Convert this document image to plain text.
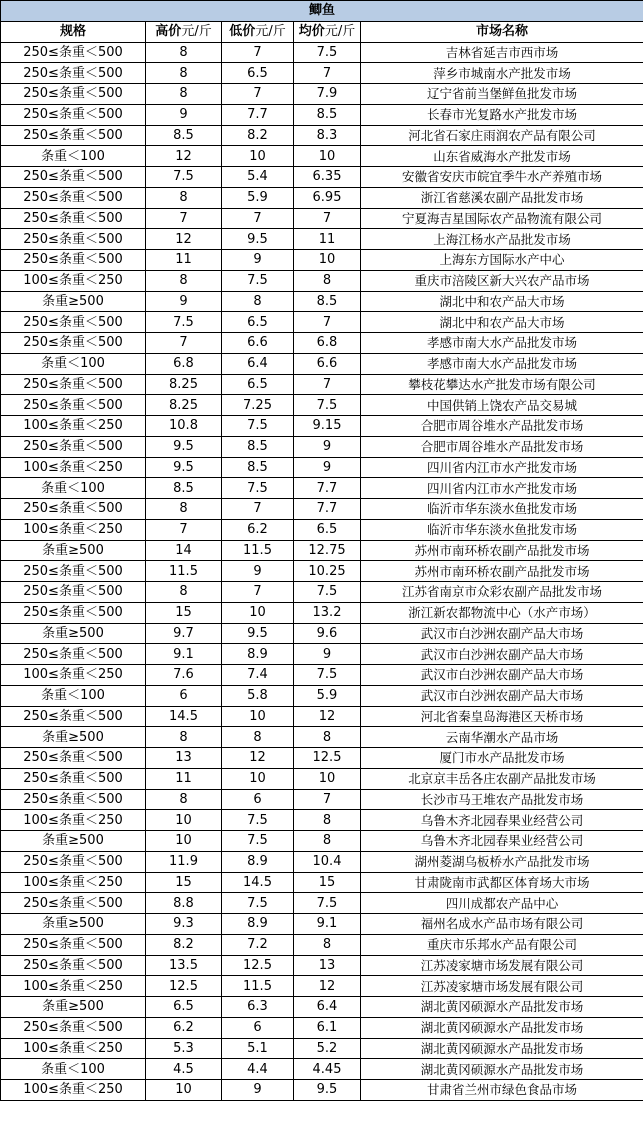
鲫鱼				
规格	高价元/斤	低价元/斤	均价元/斤	市场名称
250≤条重＜500	8	7	7.5	吉林省延吉市西市场
250≤条重＜500	8	6.5	7	萍乡市城南水产批发市场
250≤条重＜500	8	7	7.9	辽宁省前当堡鲜鱼批发市场
250≤条重＜500	9	7.7	8.5	长春市光复路水产批发市场
250≤条重＜500	8.5	8.2	8.3	河北省石家庄雨润农产品有限公司
条重＜100	12	10	10	山东省威海水产批发市场
250≤条重＜500	7.5	5.4	6.35	安徽省安庆市皖宜季牛水产养殖市场
250≤条重＜500	8	5.9	6.95	浙江省慈溪农副产品批发市场
250≤条重＜500	7	7	7	宁夏海吉星国际农产品物流有限公司
250≤条重＜500	12	9.5	11	上海江杨水产品批发市场
250≤条重＜500	11	9	10	上海东方国际水产中心
100≤条重＜250	8	7.5	8	重庆市涪陵区新大兴农产品市场
条重≥500	9	8	8.5	湖北中和农产品大市场
250≤条重＜500	7.5	6.5	7	湖北中和农产品大市场
250≤条重＜500	7	6.6	6.8	孝感市南大水产品批发市场
条重＜100	6.8	6.4	6.6	孝感市南大水产品批发市场
250≤条重＜500	8.25	6.5	7	攀枝花攀达水产批发市场有限公司
250≤条重＜500	8.25	7.25	7.5	中国供销上饶农产品交易城
100≤条重＜250	10.8	7.5	9.15	合肥市周谷堆水产品批发市场
250≤条重＜500	9.5	8.5	9	合肥市周谷堆水产品批发市场
100≤条重＜250	9.5	8.5	9	四川省内江市水产批发市场
条重＜100	8.5	7.5	7.7	四川省内江市水产批发市场
250≤条重＜500	8	7	7.7	临沂市华东淡水鱼批发市场
100≤条重＜250	7	6.2	6.5	临沂市华东淡水鱼批发市场
条重≥500	14	11.5	12.75	苏州市南环桥农副产品批发市场
250≤条重＜500	11.5	9	10.25	苏州市南环桥农副产品批发市场
250≤条重＜500	8	7	7.5	江苏省南京市众彩农副产品批发市场
250≤条重＜500	15	10	13.2	浙江新农都物流中心（水产市场）
条重≥500	9.7	9.5	9.6	武汉市白沙洲农副产品大市场
250≤条重＜500	9.1	8.9	9	武汉市白沙洲农副产品大市场
100≤条重＜250	7.6	7.4	7.5	武汉市白沙洲农副产品大市场
条重＜100	6	5.8	5.9	武汉市白沙洲农副产品大市场
250≤条重＜500	14.5	10	12	河北省秦皇岛海港区天桥市场
条重≥500	8	8	8	云南华潮水产品市场
250≤条重＜500	13	12	12.5	厦门市水产品批发市场
250≤条重＜500	11	10	10	北京京丰岳各庄农副产品批发市场
250≤条重＜500	8	6	7	长沙市马王堆农产品批发市场
100≤条重＜250	10	7.5	8	乌鲁木齐北园春果业经营公司
条重≥500	10	7.5	8	乌鲁木齐北园春果业经营公司
250≤条重＜500	11.9	8.9	10.4	湖州菱湖乌板桥水产品批发市场
100≤条重＜250	15	14.5	15	甘肃陇南市武都区体育场大市场
250≤条重＜500	8.8	7.5	7.5	四川成都农产品中心
条重≥500	9.3	8.9	9.1	福州名成水产品市场有限公司
250≤条重＜500	8.2	7.2	8	重庆市乐邦水产品有限公司
250≤条重＜500	13.5	12.5	13	江苏凌家塘市场发展有限公司
100≤条重＜250	12.5	11.5	12	江苏凌家塘市场发展有限公司
条重≥500	6.5	6.3	6.4	湖北黄冈硕源水产品批发市场
250≤条重＜500	6.2	6	6.1	湖北黄冈硕源水产品批发市场
100≤条重＜250	5.3	5.1	5.2	湖北黄冈硕源水产品批发市场
条重＜100	4.5	4.4	4.45	湖北黄冈硕源水产品批发市场
100≤条重＜250	10	9	9.5	甘肃省兰州市绿色食品市场
